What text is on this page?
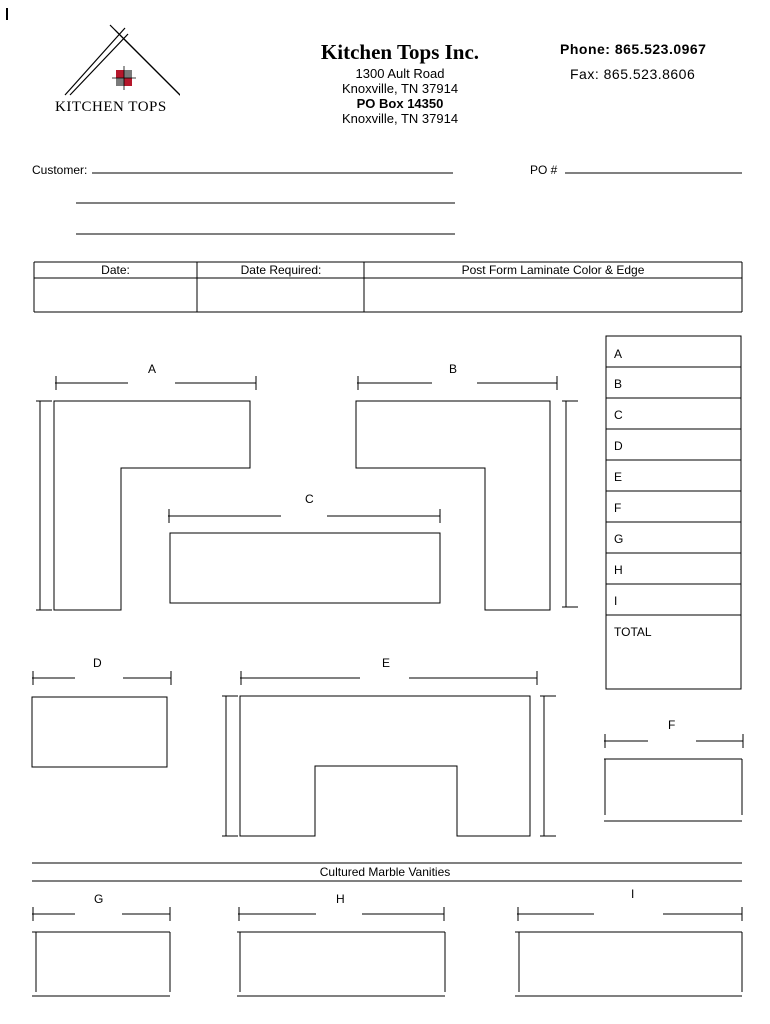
Kitchen Tops Inc.
1300 Ault Road
Knoxville, TN 37914
PO Box 14350
Knoxville, TN 37914
Phone: 865.523.0967
Fax: 865.523.8606
KITCHEN TOPS
Customer:	PO #
Date:	Date Required:	Post Form Laminate Color & Edge
A	B
C
D	E
F
G	H	I
A
B
C
D
E
F
G
H
I
TOTAL
Cultured Marble Vanities
